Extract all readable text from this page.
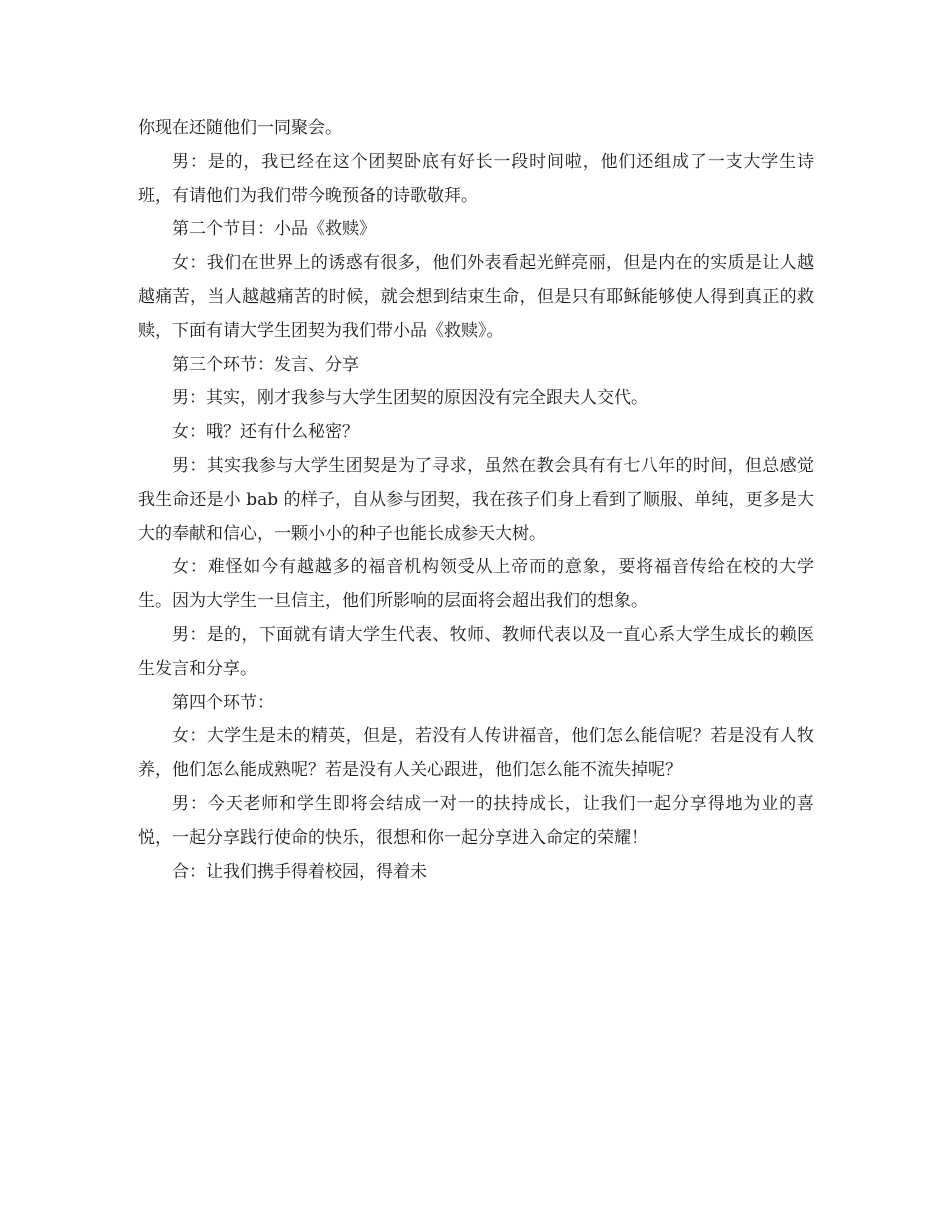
你现在还随他们一同聚会。

男：是的，我已经在这个团契卧底有好长一段时间啦，他们还组成了一支大学生诗班，有请他们为我们带今晚预备的诗歌敬拜。

第二个节目：小品《救赎》

女：我们在世界上的诱惑有很多，他们外表看起光鲜亮丽，但是内在的实质是让人越越痛苦，当人越越痛苦的时候，就会想到结束生命，但是只有耶稣能够使人得到真正的救赎，下面有请大学生团契为我们带小品《救赎》。

第三个环节：发言、分享

男：其实，刚才我参与大学生团契的原因没有完全跟夫人交代。

女：哦？还有什么秘密？

男：其实我参与大学生团契是为了寻求，虽然在教会具有有七八年的时间，但总感觉我生命还是小 bab 的样子，自从参与团契，我在孩子们身上看到了顺服、单纯，更多是大大的奉献和信心，一颗小小的种子也能长成参天大树。

女：难怪如今有越越多的福音机构领受从上帝而的意象，要将福音传给在校的大学生。因为大学生一旦信主，他们所影响的层面将会超出我们的想象。

男：是的，下面就有请大学生代表、牧师、教师代表以及一直心系大学生成长的赖医生发言和分享。

第四个环节：

女：大学生是未的精英，但是，若没有人传讲福音，他们怎么能信呢？若是没有人牧养，他们怎么能成熟呢？若是没有人关心跟进，他们怎么能不流失掉呢？

男：今天老师和学生即将会结成一对一的扶持成长，让我们一起分享得地为业的喜悦，一起分享践行使命的快乐，很想和你一起分享进入命定的荣耀！

合：让我们携手得着校园，得着未
